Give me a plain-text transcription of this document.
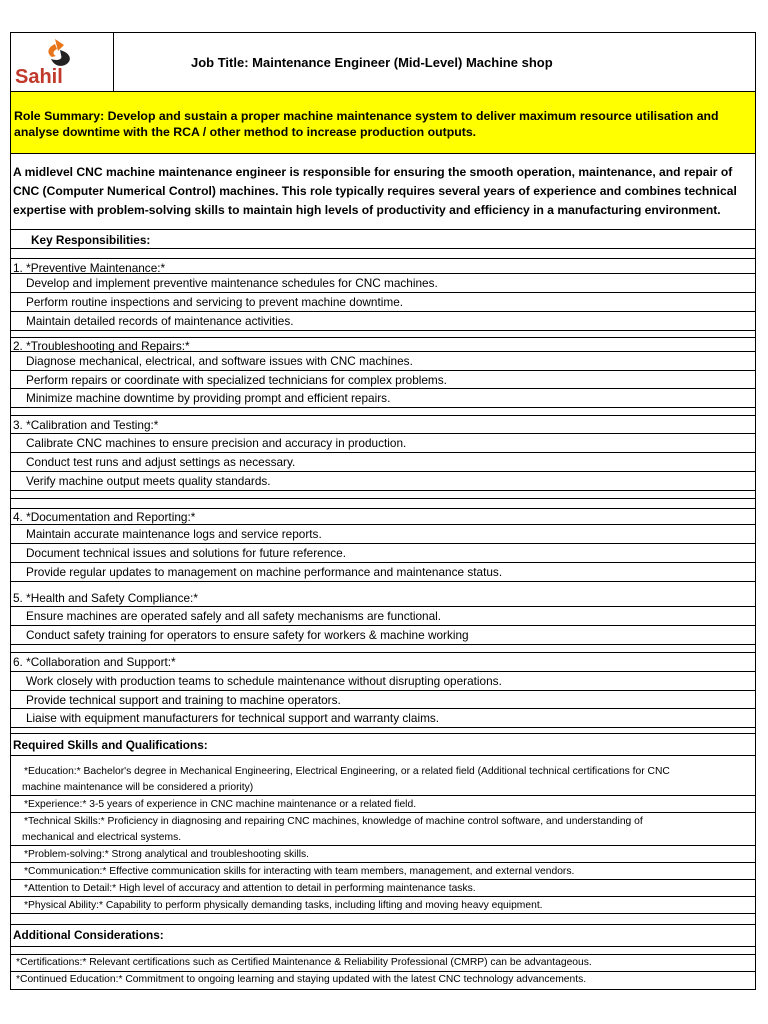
Sahil
Job Title: Maintenance Engineer (Mid-Level) Machine shop
Role Summary: Develop and sustain a proper machine maintenance system to deliver maximum resource utilisation and analyse downtime with the RCA / other method to increase production outputs.
A midlevel CNC machine maintenance engineer is responsible for ensuring the smooth operation, maintenance, and repair of CNC (Computer Numerical Control) machines. This role typically requires several years of experience and combines technical expertise with problem-solving skills to maintain high levels of productivity and efficiency in a manufacturing environment.
Key Responsibilities:
1. *Preventive Maintenance:*
Develop and implement preventive maintenance schedules for CNC machines.
Perform routine inspections and servicing to prevent machine downtime.
Maintain detailed records of maintenance activities.
2. *Troubleshooting and Repairs:*
Diagnose mechanical, electrical, and software issues with CNC machines.
Perform repairs or coordinate with specialized technicians for complex problems.
Minimize machine downtime by providing prompt and efficient repairs.
3. *Calibration and Testing:*
Calibrate CNC machines to ensure precision and accuracy in production.
Conduct test runs and adjust settings as necessary.
Verify machine output meets quality standards.
4. *Documentation and Reporting:*
Maintain accurate maintenance logs and service reports.
Document technical issues and solutions for future reference.
Provide regular updates to management on machine performance and maintenance status.
5. *Health and Safety Compliance:*
Ensure machines are operated safely and all safety mechanisms are functional.
Conduct safety training for operators to ensure safety for workers & machine working
6. *Collaboration and Support:*
Work closely with production teams to schedule maintenance without disrupting operations.
Provide technical support and training to machine operators.
Liaise with equipment manufacturers for technical support and warranty claims.
Required Skills and Qualifications:
*Education:* Bachelor's degree in Mechanical Engineering, Electrical Engineering, or a related field (Additional technical certifications for CNC
machine maintenance will be considered a priority)
*Experience:* 3-5 years of experience in CNC machine maintenance or a related field.
*Technical Skills:* Proficiency in diagnosing and repairing CNC machines, knowledge of machine control software, and understanding of
mechanical and electrical systems.
*Problem-solving:* Strong analytical and troubleshooting skills.
*Communication:* Effective communication skills for interacting with team members, management, and external vendors.
*Attention to Detail:* High level of accuracy and attention to detail in performing maintenance tasks.
*Physical Ability:* Capability to perform physically demanding tasks, including lifting and moving heavy equipment.
Additional Considerations:
*Certifications:* Relevant certifications such as Certified Maintenance & Reliability Professional (CMRP) can be advantageous.
*Continued Education:* Commitment to ongoing learning and staying updated with the latest CNC technology advancements.
